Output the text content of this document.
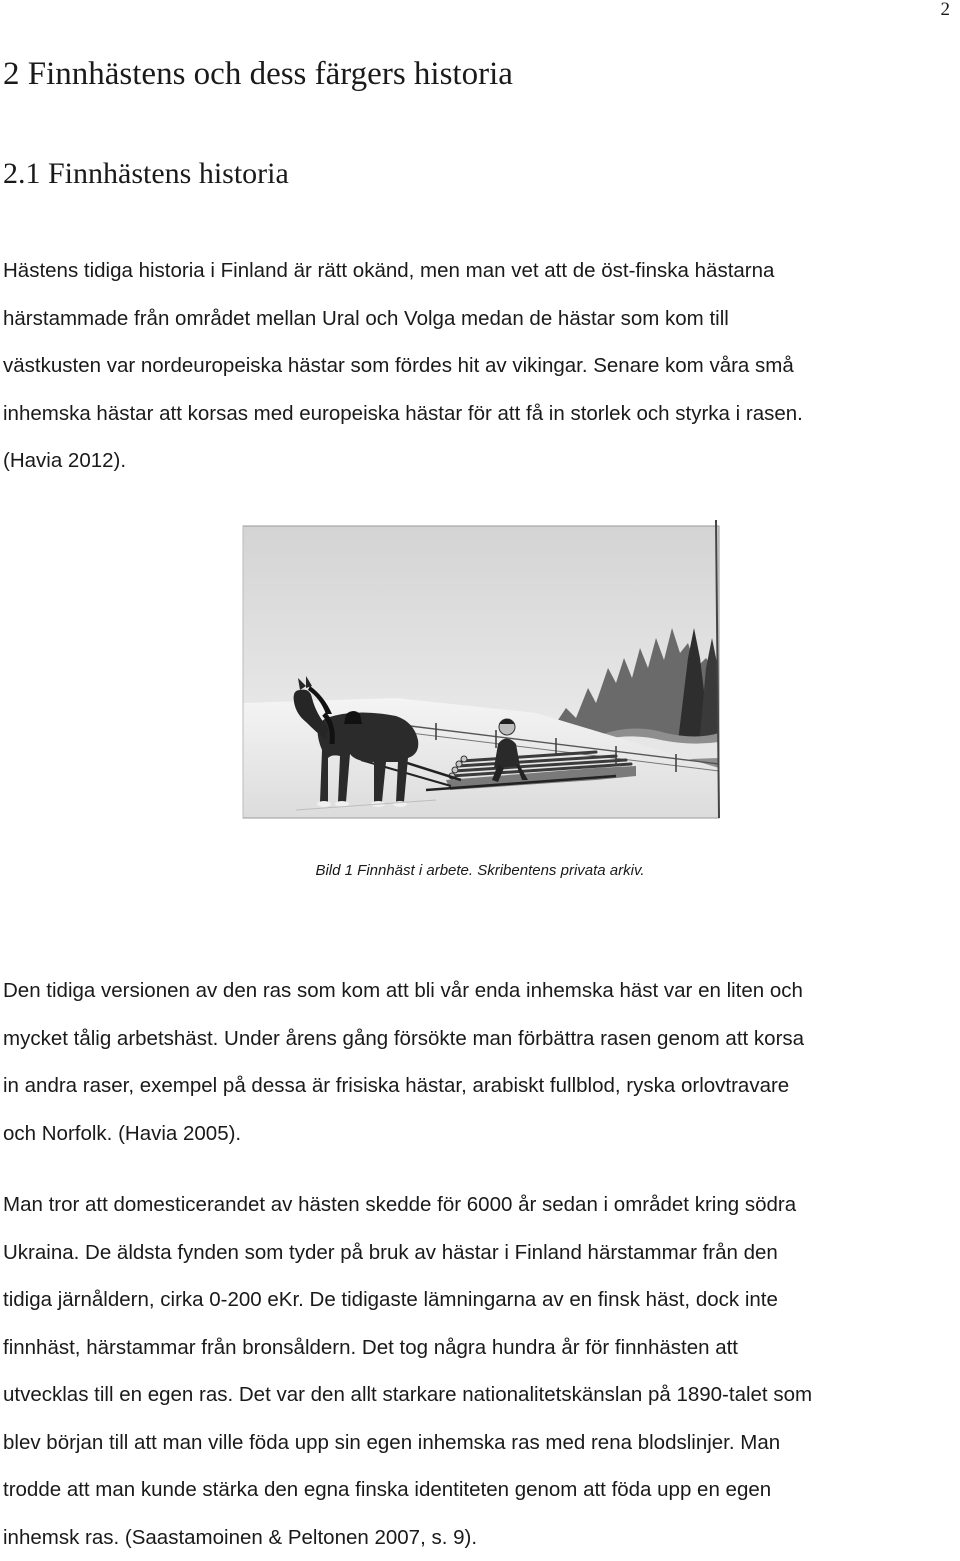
2
2 Finnhästens och dess färgers historia
2.1 Finnhästens historia

Hästens tidiga historia i Finland är rätt okänd, men man vet att de öst-finska hästarna
härstammade från området mellan Ural och Volga medan de hästar som kom till
västkusten var nordeuropeiska hästar som fördes hit av vikingar. Senare kom våra små
inhemska hästar att korsas med europeiska hästar för att få in storlek och styrka i rasen.
(Havia 2012).

Bild 1 Finnhäst i arbete. Skribentens privata arkiv.

Den tidiga versionen av den ras som kom att bli vår enda inhemska häst var en liten och
mycket tålig arbetshäst. Under årens gång försökte man förbättra rasen genom att korsa
in andra raser, exempel på dessa är frisiska hästar, arabiskt fullblod, ryska orlovtravare
och Norfolk. (Havia 2005).

Man tror att domesticerandet av hästen skedde för 6000 år sedan i området kring södra
Ukraina. De äldsta fynden som tyder på bruk av hästar i Finland härstammar från den
tidiga järnåldern, cirka 0-200 eKr. De tidigaste lämningarna av en finsk häst, dock inte
finnhäst, härstammar från bronsåldern. Det tog några hundra år för finnhästen att
utvecklas till en egen ras. Det var den allt starkare nationalitetskänslan på 1890-talet som
blev början till att man ville föda upp sin egen inhemska ras med rena blodslinjer. Man
trodde att man kunde stärka den egna finska identiteten genom att föda upp en egen
inhemsk ras. (Saastamoinen & Peltonen 2007, s. 9).
